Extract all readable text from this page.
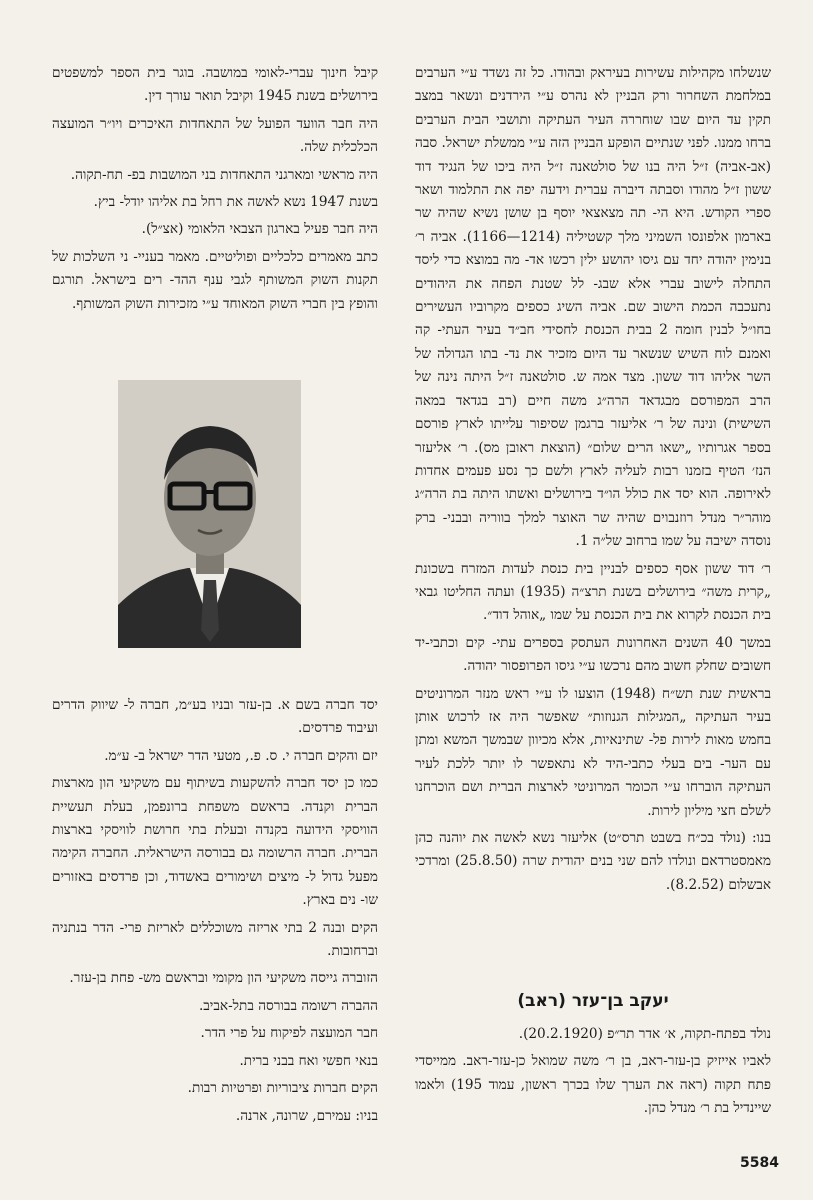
שנשלחו מקהילות עשירות בעיראק ובהודו. כל זה נשדד ע״י הערבים במלחמת השחרור ורק הבניין לא נהרס ע״י הירדנים ונשאר במצב תקין עד היום שבו שוחררה העיר העתיקה ותושבי הבית הערבים ברחו ממנו. לפני שנתיים הופקע הבניין הזה ע״י ממשלת ישראל. סבה (אב-אביה) ז״ל היה בנו של סולטאנה ז״ל היה ביכו של הנגיד דוד ששון ז״ל מהודו וסבתה דיברה עברית וידעה יפה את התלמוד ושאר ספרי הקודש. היא הי- תה מצאצאי יוסף בן שושן נשיא שהיה שר בארמון אלפונסו השמיני מלך קשטיליה (1214—1166). אביה ר׳ בנימין יהודה יחד עם גיסו יהושע ילין רכשו אד- מה במוצא כדי ליסד התחלה לישוב עברי אלא שבג- לל שטנת הפחה את היהודים נתעכבה הכמת הישוב שם. אביה השיג כספים מקרוביו העשירים בחו״ל לבנין חומה 2 בבית הכנסת לחסידי חב״ד בעיר העתי- קה ואמנם לוח השיש שנשאר עד היום מזכיר את נד- בתו הגדולה של השר אליהו דוד ששון. מצד אמה ש. סולטאנה ז״ל היתה נינה של הרב המפורסם מבגדאד הרה״ג משה חיים (רב בגדאד במאה השישית) ונינה של ר׳ אליעזר ברגמן שסיפור עלייתו לארץ פורסם בספר אגרותיו „ישאו הרים שלום״ (הוצאת ראובן מס). ר׳ אליעזר הנז׳ הטיף בזמנו רבות לעליה לארץ ולשם כך נסע פעמים אחדות לאירופה. הוא יסד את כולל הו״ד בירושלים ואשתו היתה בת הרה״ג מוהר״ר מנדל רוזנבוים שהיה שר האוצר למלך בווריה ובבני- ברק נוסדה ישיבה על שמו ברחוב של״ה 1.

ר׳ דוד ששון אסף כספים לבניין בית כנסת לעדות המזרח בשכונת „קרית משה״ בירושלים בשנת תרצ״ה (1935) ועתה החליטו גבאי בית הכנסת לקרוא את בית הכנסת על שמו „אוהל דוד״.

במשך 40 השנים האחרונות העתסק בספרים עתי- קים וכתבי-יד חשובים שחלק חשוב מהם נרכשו ע״י גיסו הפרופסור יהודה.

בראשית שנת תש״ח (1948) הוצעו לו ע״י ראש מנזר המרוניטים בעיר העתיקה „המגילות הגנוזות״ שאפשר היה אז לרכוש אותן בחמש מאות לירות פל- שתינאיות, אלא מכיוון שבמשך המשא ומתן עם הער- בים בעלי כתבי-היד לא נתאפשר לו יותר ללכת לעיר העתיקה הוברחו ע״י הכומר המרוניטי לארצות הברית ושם הוכרחנו לשלם חצי מיליון לירות.

בנו: (נולד בכ״ח בשבט תרס״ט) אליעזר נשא לאשה את יוהנה כהן מאמסטרדאם ונולדו להם שני בנים יהודית שרה (25.8.50) ומרדכי אבשלום (8.2.52).

קיבל חינוך עברי-לאומי במושבה. בוגר בית הספר למשפטים בירושלים בשנת 1945 וקיבל תואר עורך דין.

היה חבר הוועד הפועל של התאחדות האיכרים ויו״ר המועצה הכלכלית שלה.

היה מראשי ומארגני התאחדות בני המושבות בפ- תח-תקוה.

בשנת 1947 נשא לאשה את רחל בת אליהו יודל- ביץ.

היה חבר פעיל בארגון הצבאי הלאומי (אצ״ל).

כתב מאמרים כלכליים ופוליטיים. מאמר בעניי- ני השלכות של תקנות השוק המשותף לגבי ענף ההד- רים בישראל. תורגם והופץ בין חברי השוק המאוחד ע״י מזכירות השוק המשותף.

יסד חברה בשם א. בן-עזר ובניו בע״מ, חברה ל- שיווק הדרים ועיבוד פרדסים.

יזם והקים חברה י. ס. פ., מטעי הדר ישראל ב- ע״מ.

כמו כן יסד חברה להשקעות בשיתוף עם משקיעי הון מארצות הברית וקנדה. בראשם משפחת ברונפמן, בעלת תעשיית הוויסקי הידועה בקנדה ובעלת בתי חרושת לוויסקי בארצות הברית. חברה הרשומה גם בבורסה הישראלית. החברה הקימה מפעל גדול ל- מיצים ושימורים באשדוד, וכן פרדסים באזורים שו- נים בארץ.

הקים ובנה 2 בתי אריזה משוכללים לאריזת פרי- הדר בנתניה וברחובות.

הזוברה גייסה משקיעי הון מקומי ובראשם מש- פחת בן-עזר.

ההברה רשומה בבורסה בתל-אביב.

חבר המועצה לפיקוח על פרי הדר.

בנאי חפשי ואח בבני ברית.

הקים חברות ציבוריות ופרטיות רבות.

בניו: עמירם, שרונה, ארנה.

יעקב בן־עזר (ראב)

נולד בפתח-תקוה, א׳ אדר תר״פ (20.2.1920).

לאביו אייזיק בן-עזר-ראב, בן ר׳ משה שמואל כן-עזר-ראב. ממייסדי פתח תקוה (ראה את הערך שלו בכרך ראשון, עמוד 195) ולאמו שיינדיל בת ר׳ מנדל כהן.

5584
